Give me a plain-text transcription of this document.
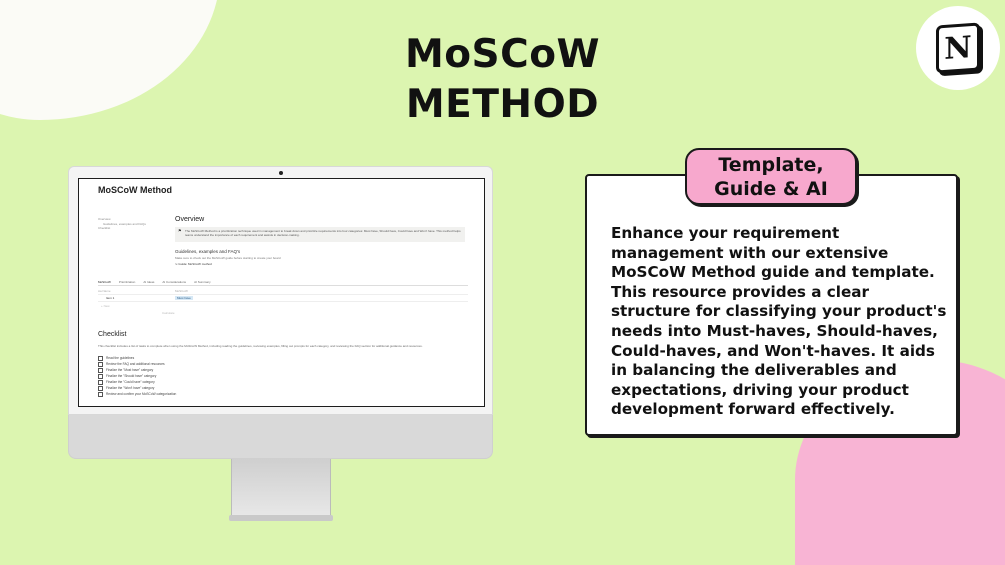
MoSCoW
METHOD
N
MoSCoW Method
Overview
Guidelines, examples and FAQs
Checklist
Overview
⚑ The MoSCoW Method is a prioritization technique used in management to break down and prioritize requirements into four categories: Must have, Should have, Could have and Won't have. This method helps teams understand the importance of each requirement and assists in decision-making.
Guidelines, examples and FAQ's
Make sure to check out the MoSCoW guide before starting to create your board
↪ Guide: MoSCoW method
MoSCoW	Prioritization	AI Ideas	AI Considerations	AI Summary
Aa Name	MoSCoW
Item 1	Must have
+ New
Calculate
Checklist
This checklist includes a list of tasks to complete when using the MoSCoW Method, including reading the guidelines, reviewing examples, filling out prompts for each category, and reviewing the FAQ section for additional guidance and resources.
Read the guidelines
Review the FAQ and additional resources
Finalize the "Must have" category
Finalize the "Should have" category
Finalize the "Could have" category
Finalize the "Won't have" category
Review and confirm your MoSCoW categorization
Enhance your requirement management with our extensive MoSCoW Method guide and template. This resource provides a clear structure for classifying your product's needs into Must-haves, Should-haves, Could-haves, and Won't-haves. It aids in balancing the deliverables and expectations, driving your product development forward effectively.
Template,
Guide & AI
